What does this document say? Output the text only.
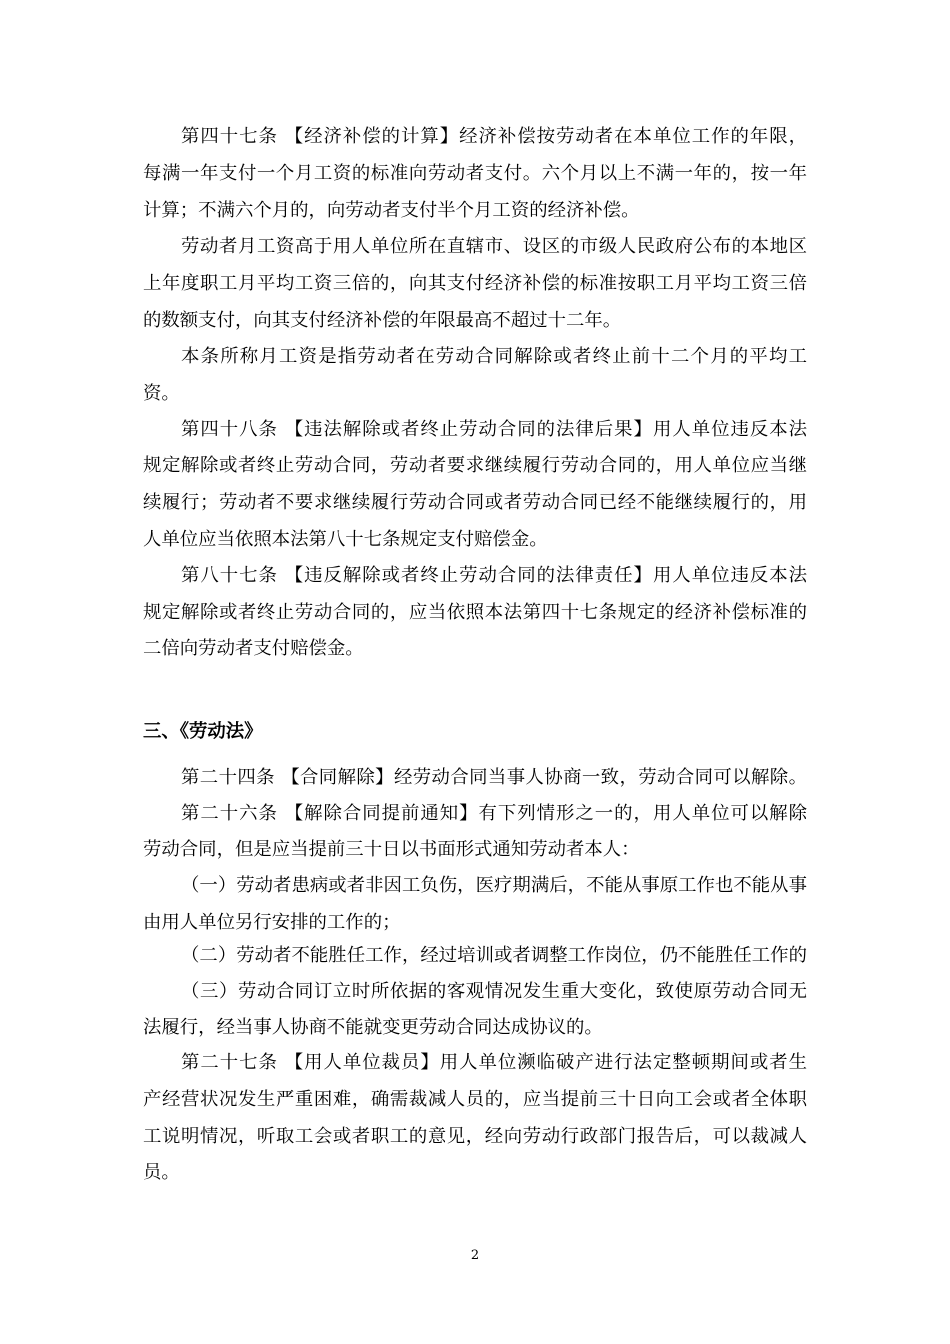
第四十七条 【经济补偿的计算】经济补偿按劳动者在本单位工作的年限，
每满一年支付一个月工资的标准向劳动者支付。六个月以上不满一年的，按一年
计算；不满六个月的，向劳动者支付半个月工资的经济补偿。
劳动者月工资高于用人单位所在直辖市、设区的市级人民政府公布的本地区
上年度职工月平均工资三倍的，向其支付经济补偿的标准按职工月平均工资三倍
的数额支付，向其支付经济补偿的年限最高不超过十二年。
本条所称月工资是指劳动者在劳动合同解除或者终止前十二个月的平均工
资。
第四十八条 【违法解除或者终止劳动合同的法律后果】用人单位违反本法
规定解除或者终止劳动合同，劳动者要求继续履行劳动合同的，用人单位应当继
续履行；劳动者不要求继续履行劳动合同或者劳动合同已经不能继续履行的，用
人单位应当依照本法第八十七条规定支付赔偿金。
第八十七条 【违反解除或者终止劳动合同的法律责任】用人单位违反本法
规定解除或者终止劳动合同的，应当依照本法第四十七条规定的经济补偿标准的
二倍向劳动者支付赔偿金。
三、《劳动法》
第二十四条 【合同解除】经劳动合同当事人协商一致，劳动合同可以解除。
第二十六条 【解除合同提前通知】有下列情形之一的，用人单位可以解除
劳动合同，但是应当提前三十日以书面形式通知劳动者本人：
（一）劳动者患病或者非因工负伤，医疗期满后，不能从事原工作也不能从事
由用人单位另行安排的工作的；
（二）劳动者不能胜任工作，经过培训或者调整工作岗位，仍不能胜任工作的
（三）劳动合同订立时所依据的客观情况发生重大变化，致使原劳动合同无
法履行，经当事人协商不能就变更劳动合同达成协议的。
第二十七条 【用人单位裁员】用人单位濒临破产进行法定整顿期间或者生
产经营状况发生严重困难，确需裁减人员的，应当提前三十日向工会或者全体职
工说明情况，听取工会或者职工的意见，经向劳动行政部门报告后，可以裁减人
员。
2
